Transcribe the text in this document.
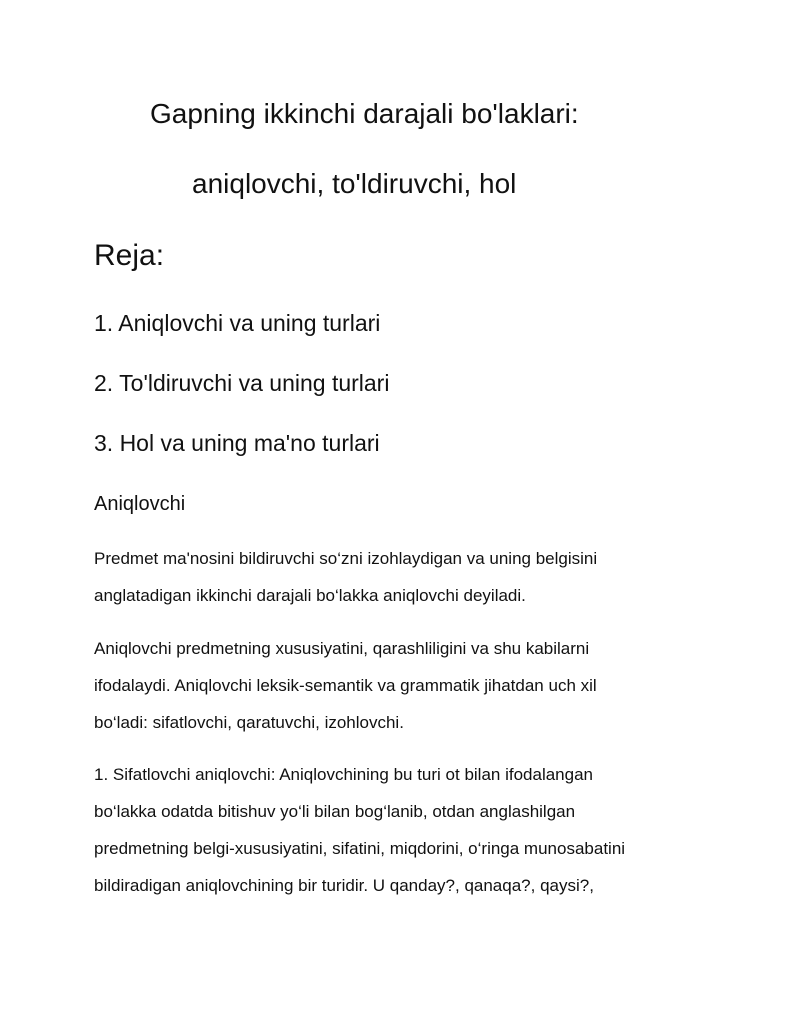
Gapning ikkinchi darajali bo'laklari:
aniqlovchi, to'ldiruvchi, hol
Reja:
1. Aniqlovchi va uning turlari
2. To'ldiruvchi va uning turlari
3. Hol va uning ma'no turlari
Aniqlovchi
Predmet ma'nosini bildiruvchi so‘zni izohlaydigan va uning belgisini
anglatadigan ikkinchi darajali bo‘lakka aniqlovchi deyiladi.
Aniqlovchi predmetning xususiyatini, qarashliligini va shu kabilarni
ifodalaydi. Aniqlovchi leksik-semantik va grammatik jihatdan uch xil
bo‘ladi: sifatlovchi, qaratuvchi, izohlovchi.
1. Sifatlovchi aniqlovchi: Aniqlovchining bu turi ot bilan ifodalangan
bo‘lakka odatda bitishuv yo‘li bilan bog‘lanib, otdan anglashilgan
predmetning belgi-xususiyatini, sifatini, miqdorini, o‘ringa munosabatini
bildiradigan aniqlovchining bir turidir. U qanday?, qanaqa?, qaysi?,
